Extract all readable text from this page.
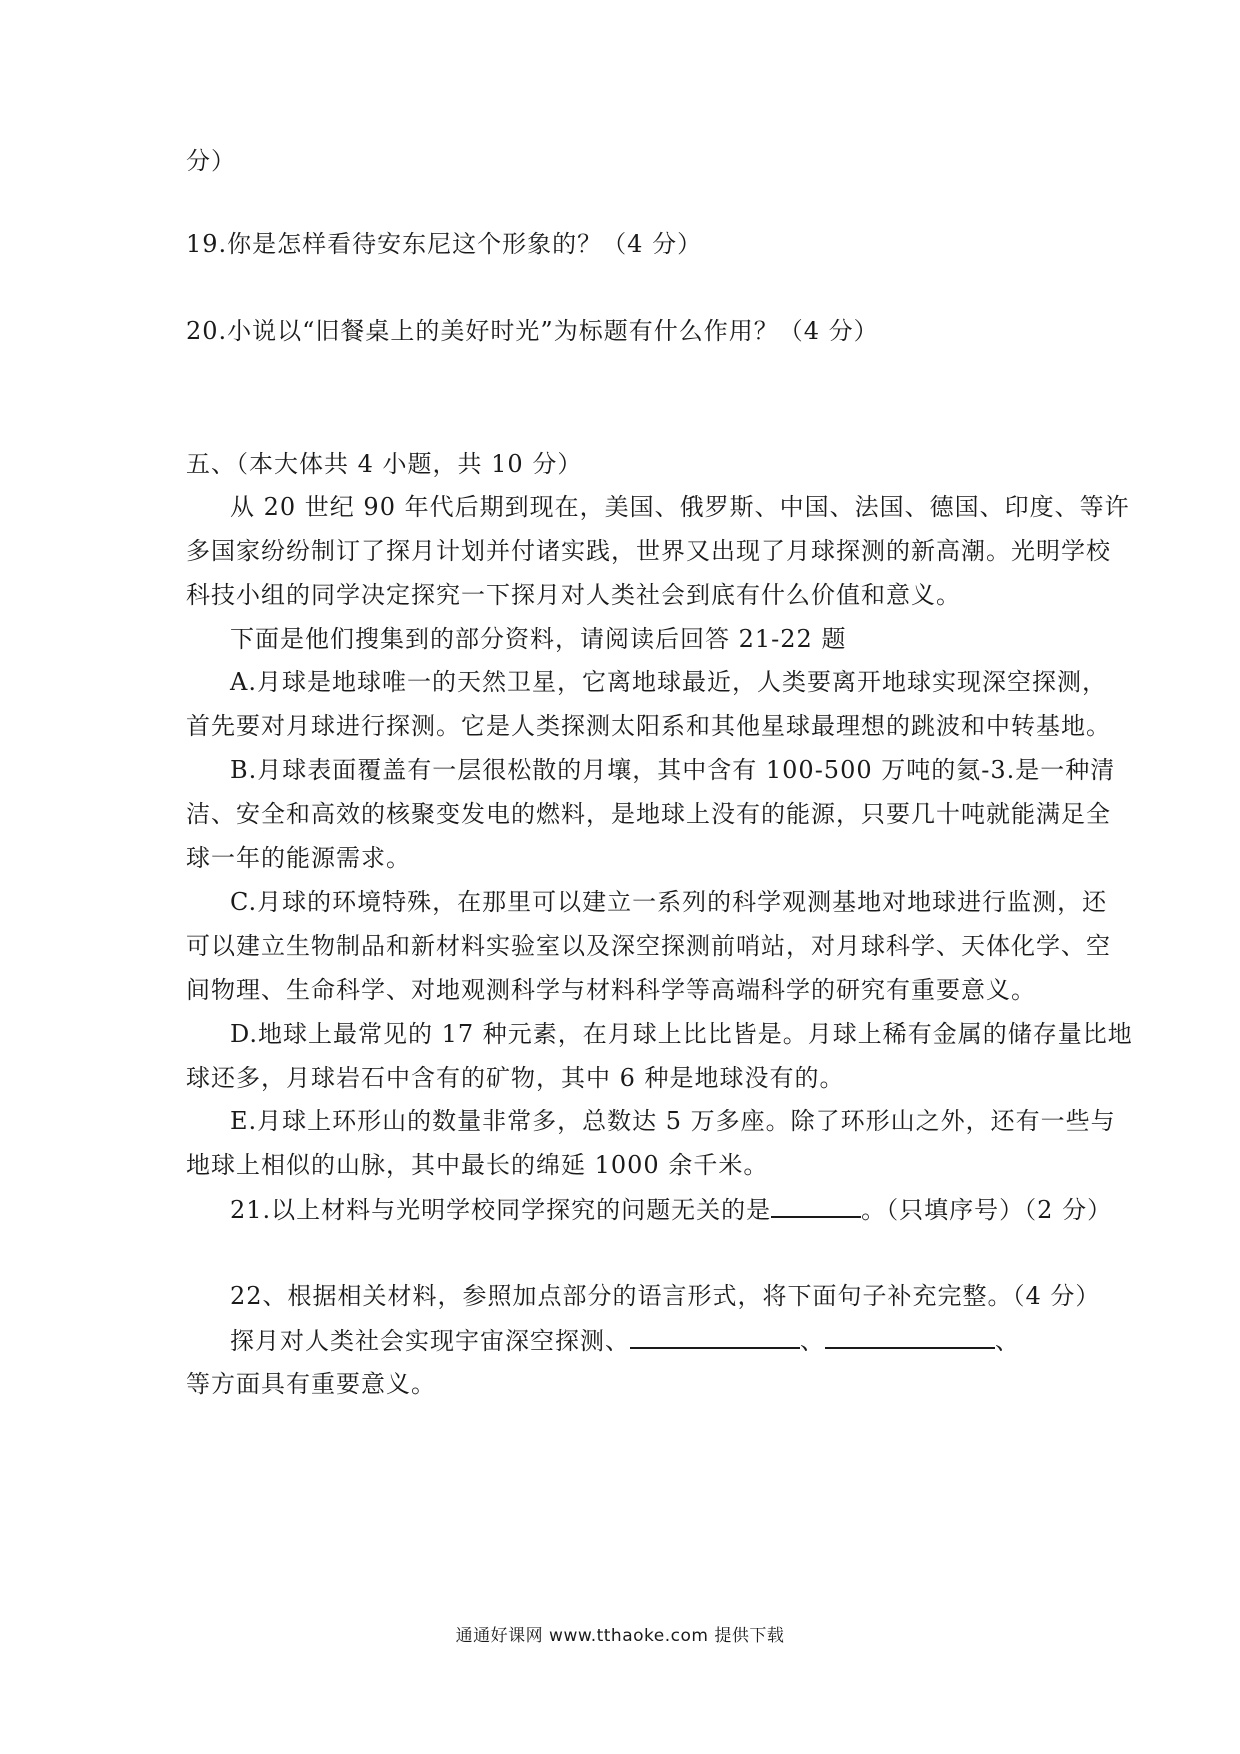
分）
19.你是怎样看待安东尼这个形象的？（4 分）
20.小说以“旧餐桌上的美好时光”为标题有什么作用？（4 分）
五、（本大体共 4 小题，共 10 分）
从 20 世纪 90 年代后期到现在，美国、俄罗斯、中国、法国、德国、印度、等许
多国家纷纷制订了探月计划并付诸实践，世界又出现了月球探测的新高潮。光明学校
科技小组的同学决定探究一下探月对人类社会到底有什么价值和意义。
下面是他们搜集到的部分资料，请阅读后回答 21-22 题
A.月球是地球唯一的天然卫星，它离地球最近，人类要离开地球实现深空探测，
首先要对月球进行探测。它是人类探测太阳系和其他星球最理想的跳波和中转基地。
B.月球表面覆盖有一层很松散的月壤，其中含有 100-500 万吨的氦-3.是一种清
洁、安全和高效的核聚变发电的燃料，是地球上没有的能源，只要几十吨就能满足全
球一年的能源需求。
C.月球的环境特殊，在那里可以建立一系列的科学观测基地对地球进行监测，还
可以建立生物制品和新材料实验室以及深空探测前哨站，对月球科学、天体化学、空
间物理、生命科学、对地观测科学与材料科学等高端科学的研究有重要意义。
D.地球上最常见的 17 种元素，在月球上比比皆是。月球上稀有金属的储存量比地
球还多，月球岩石中含有的矿物，其中 6 种是地球没有的。
E.月球上环形山的数量非常多，总数达 5 万多座。除了环形山之外，还有一些与
地球上相似的山脉，其中最长的绵延 1000 余千米。
21.以上材料与光明学校同学探究的问题无关的是	。（只填序号）（2 分）
22、根据相关材料，参照加点部分的语言形式，将下面句子补充完整。（4 分）
探月对人类社会实现宇宙深空探测、	、	、
等方面具有重要意义。
通通好课网 www.tthaoke.com 提供下载
